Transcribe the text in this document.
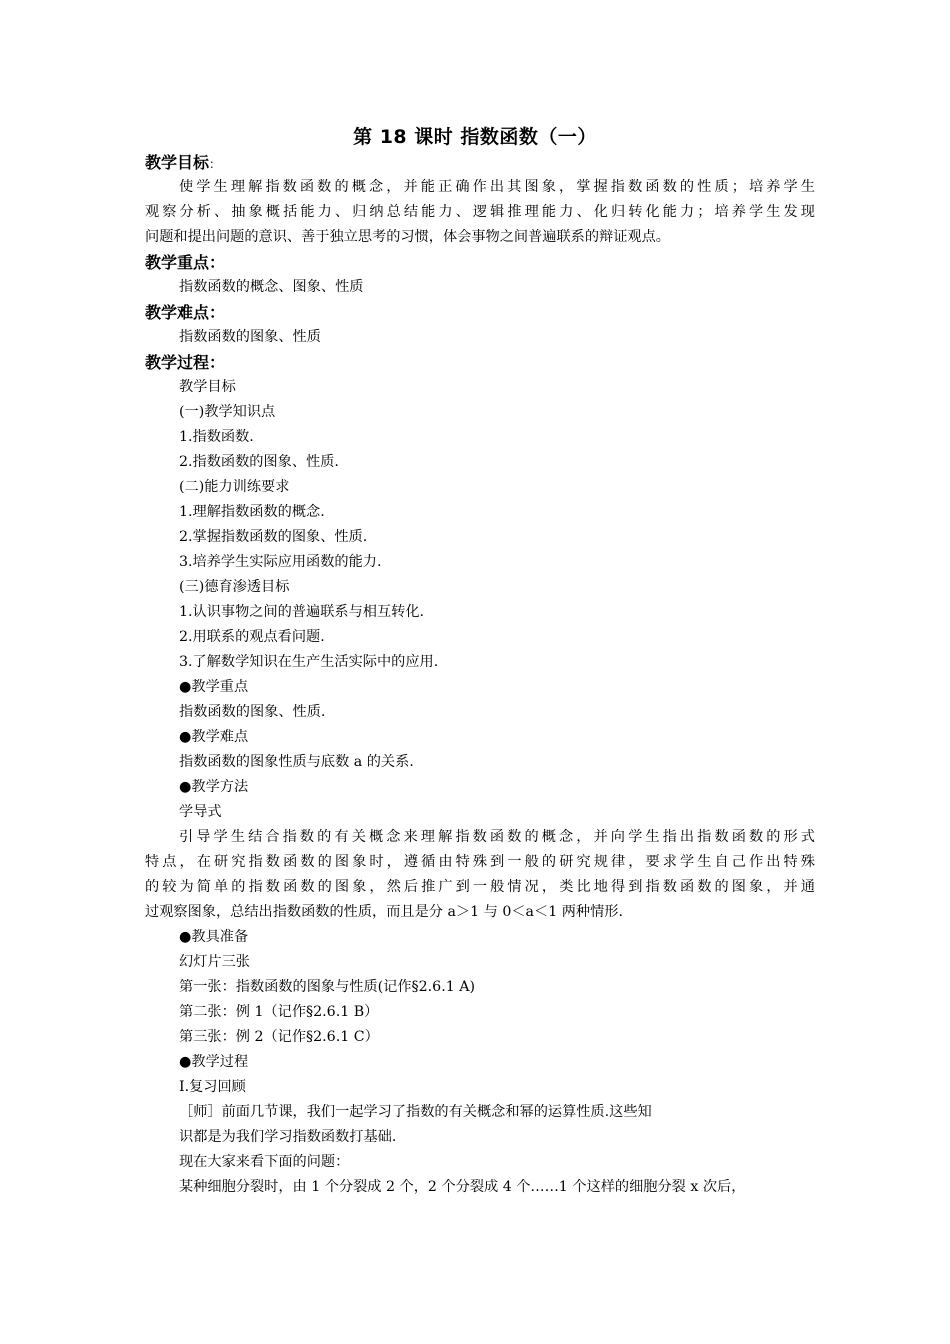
第 18 课时 指数函数（一）
教学目标：
使学生理解指数函数的概念，并能正确作出其图象，掌握指数函数的性质；培养学生
观察分析、抽象概括能力、归纳总结能力、逻辑推理能力、化归转化能力；培养学生发现
问题和提出问题的意识、善于独立思考的习惯，体会事物之间普遍联系的辩证观点。
教学重点：
指数函数的概念、图象、性质
教学难点：
指数函数的图象、性质
教学过程：
教学目标
(一)教学知识点
1.指数函数.
2.指数函数的图象、性质.
(二)能力训练要求
1.理解指数函数的概念.
2.掌握指数函数的图象、性质.
3.培养学生实际应用函数的能力.
(三)德育渗透目标
1.认识事物之间的普遍联系与相互转化.
2.用联系的观点看问题.
3.了解数学知识在生产生活实际中的应用.
●教学重点
指数函数的图象、性质.
●教学难点
指数函数的图象性质与底数 a 的关系.
●教学方法
学导式
引导学生结合指数的有关概念来理解指数函数的概念，并向学生指出指数函数的形式
特点，在研究指数函数的图象时，遵循由特殊到一般的研究规律，要求学生自己作出特殊
的较为简单的指数函数的图象，然后推广到一般情况，类比地得到指数函数的图象，并通
过观察图象，总结出指数函数的性质，而且是分 a＞1 与 0＜a＜1 两种情形.
●教具准备
幻灯片三张
第一张：指数函数的图象与性质(记作§2.6.1 A)
第二张：例 1（记作§2.6.1 B）
第三张：例 2（记作§2.6.1 C）
●教学过程
Ⅰ.复习回顾
［师］前面几节课，我们一起学习了指数的有关概念和幂的运算性质.这些知
识都是为我们学习指数函数打基础.
现在大家来看下面的问题：
某种细胞分裂时，由 1 个分裂成 2 个，2 个分裂成 4 个……1 个这样的细胞分裂 x 次后，
